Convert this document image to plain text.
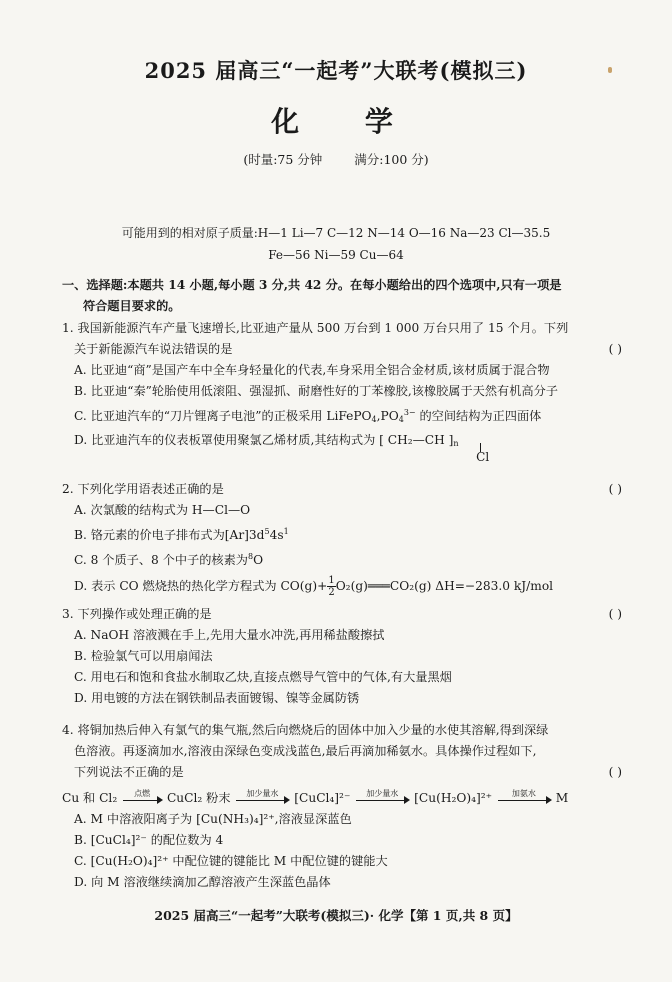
2025 届高三“一起考”大联考(模拟三)
化 学
(时量:75 分钟	满分:100 分)
可能用到的相对原子质量:H—1 Li—7 C—12 N—14 O—16 Na—23 Cl—35.5
Fe—56 Ni—59 Cu—64
一、选择题:本题共 14 小题,每小题 3 分,共 42 分。在每小题给出的四个选项中,只有一项是
符合题目要求的。
1. 我国新能源汽车产量飞速增长,比亚迪产量从 500 万台到 1 000 万台只用了 15 个月。下列
关于新能源汽车说法错误的是	( )
A. 比亚迪“商”是国产车中全车身轻量化的代表,车身采用全铝合金材质,该材质属于混合物
B. 比亚迪“秦”轮胎使用低滚阻、强湿抓、耐磨性好的丁苯橡胶,该橡胶属于天然有机高分子
C. 比亚迪汽车的“刀片锂离子电池”的正极采用 $LiFePO4,PO4^{3-}$ 的空间结构为正四面体
D. 比亚迪汽车的仪表板罩使用聚氯乙烯材质,其结构式为 [ CH₂—CH ]n
Cl
2. 下列化学用语表述正确的是	( )
A. 次氯酸的结构式为 H—Cl—O
B. 铬元素的价电子排布式为$[Ar]3d^54s^1$
C. 8 个质子、8 个中子的核素为$^8$O
D. 表示 CO 燃烧热的热化学方程式为 $CO(g)+ \frac{1}{2}$ O₂(g)═══CO₂(g) ΔH=−283.0 kJ/mol
3. 下列操作或处理正确的是	( )
A. NaOH 溶液溅在手上,先用大量水冲洗,再用稀盐酸擦拭
B. 检验氯气可以用扇闻法
C. 用电石和饱和食盐水制取乙炔,直接点燃导气管中的气体,有大量黑烟
D. 用电镀的方法在钢铁制品表面镀锡、镍等金属防锈
4. 将铜加热后伸入有氯气的集气瓶,然后向燃烧后的固体中加入少量的水使其溶解,得到深绿
色溶液。再逐滴加水,溶液由深绿色变成浅蓝色,最后再滴加稀氨水。具体操作过程如下,
下列说法不正确的是	( )
Cu 和 Cl₂	点燃	CuCl₂ 粉末	加少量水	[CuCl₄]²⁻	加少量水	[Cu(H₂O)₄]²⁺	加氨水	M
A. M 中溶液阳离子为 [Cu(NH₃)₄]²⁺,溶液显深蓝色
B. [CuCl₄]²⁻ 的配位数为 4
C. [Cu(H₂O)₄]²⁺ 中配位键的键能比 M 中配位键的键能大
D. 向 M 溶液继续滴加乙醇溶液产生深蓝色晶体
2025 届高三“一起考”大联考(模拟三)· 化学【第 1 页,共 8 页】
